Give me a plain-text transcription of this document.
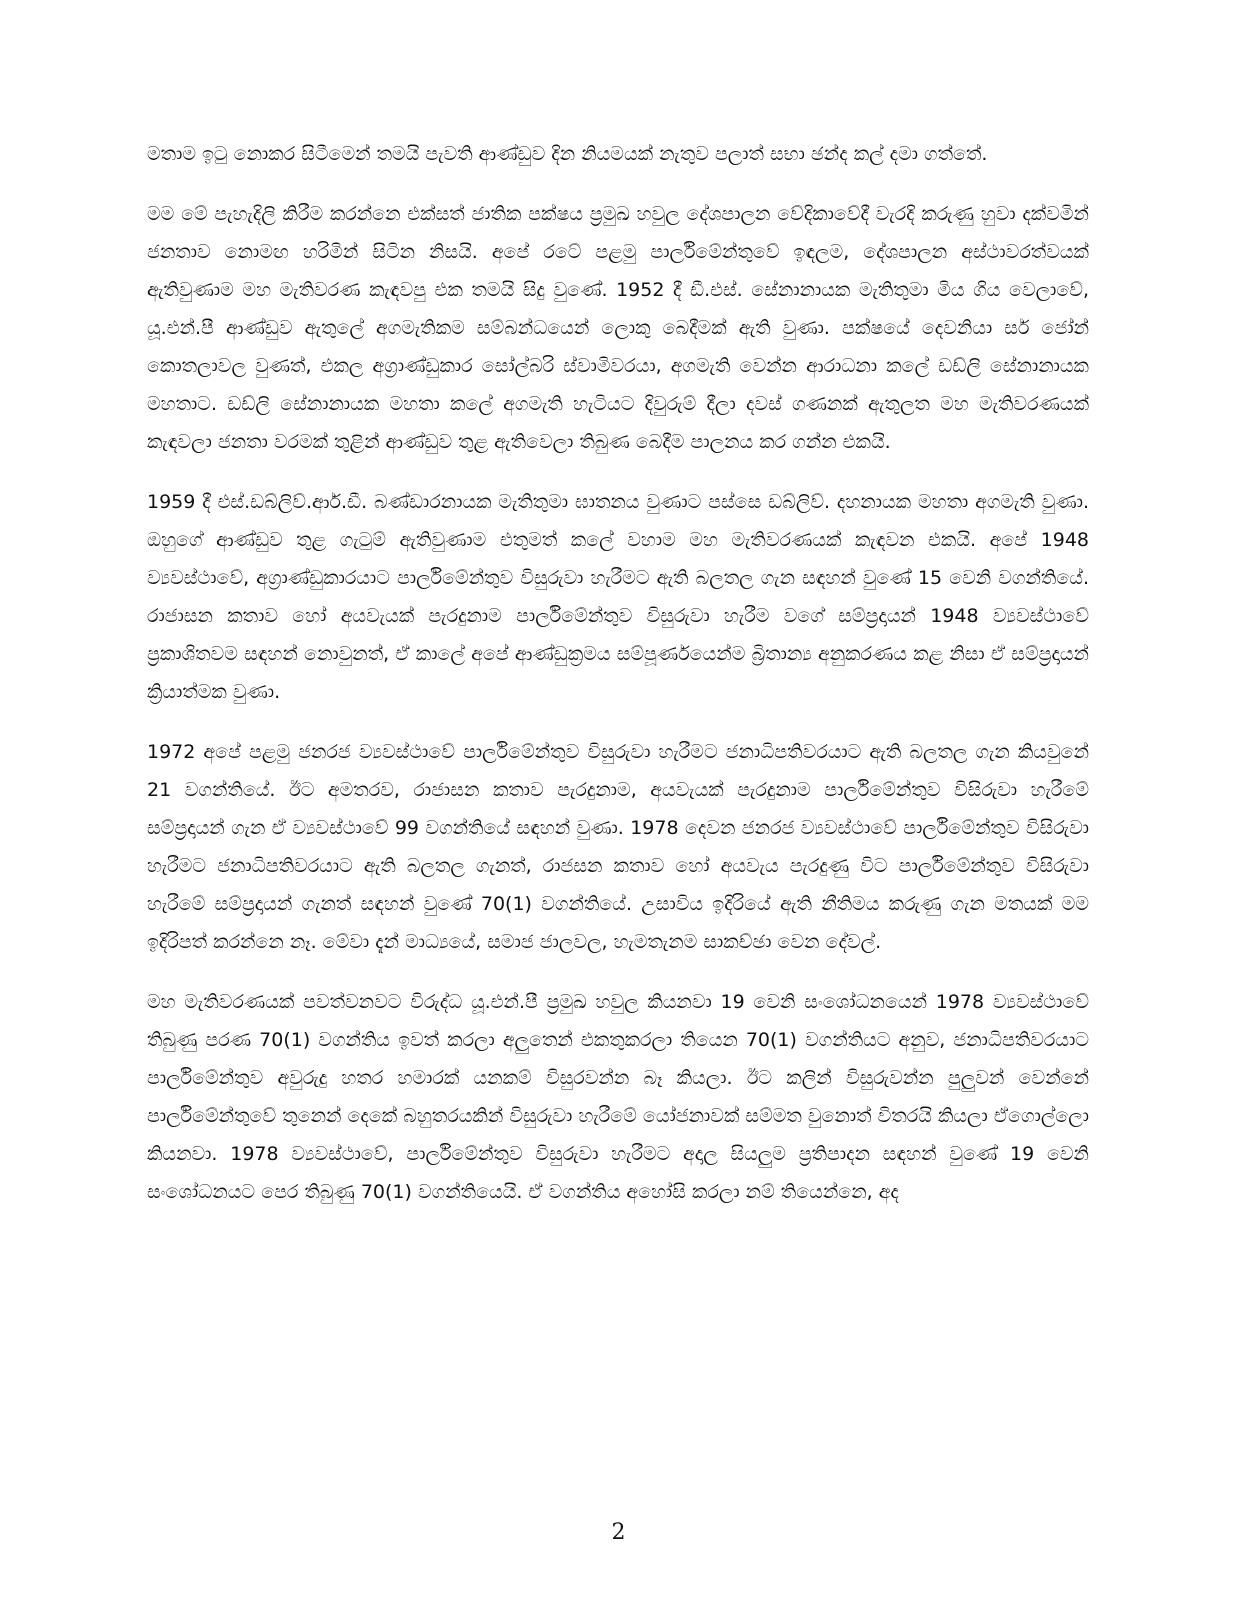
මතාම ඉටු නොකර සිටීමෙන් තමයි පැවති ආණ්ඩුව දින නියමයක් නැතුව පලාත් සභා ඡන්ද කල් දමා ගත්තේ.

මම මේ පැහැදිලි කිරීම කරන්නෙ එක්සත් ජාතික පක්ෂය ප්‍රමුඛ හවුල දේශපාලන වේදිකාවේදී වැරදි කරුණු හුවා දක්වමින් ජනතාව නොමඟ හරිමින් සිටින නිසයි. අපේ රටේ පළමු පාර්ලිමේන්තුවේ ඉඳලම, දේශපාලන අස්ථාවරත්වයක් ඇතිවුණාම මහ මැතිවරණ කැඳවපු එක තමයි සිදු වුණේ. 1952 දී ඩී.එස්. සේනානායක මැතිතුමා මිය ගිය වෙලාවේ, යූ.එන්.පී ආණ්ඩුව ඇතුලේ අගමැතිකම සම්බන්ධයෙන් ලොකු බෙදීමක් ඇති වුණා. පක්ෂයේ දෙවනියා සර් ජෝන් කොතලාවල වුණත්, එකල අග්‍රාණ්ඩුකාර සෝල්බරි ස්වාමිවරයා, අගමැති වෙන්න ආරාධනා කලේ ඩඩ්ලි සේනානායක මහතාට. ඩඩ්ලි සේනානායක මහතා කලේ අගමැති හැටියට දිවුරුම් දීලා දවස් ගණනක් ඇතුලත මහ මැතිවරණයක් කැඳවලා ජනතා වරමක් තුළින් ආණ්ඩුව තුළ ඇතිවෙලා තිබුණ බෙදීම පාලනය කර ගන්න එකයි.

1959 දී එස්.ඩබ්ලිව්.ආර්.ඩී. බණ්ඩාරනායක මැතිතුමා ඝාතනය වුණාට පස්සෙ ඩබ්ලිව්. දහනායක මහතා අගමැති වුණා. ඔහුගේ ආණ්ඩුව තුළ ගැටුම් ඇතිවුණාම එතුමත් කලේ වහාම මහ මැතිවරණයක් කැඳවන එකයි. අපේ 1948 ව්‍යවස්ථාවේ, අග්‍රාණ්ඩුකාරයාට පාර්ලිමේන්තුව විසුරුවා හැරීමට ඇති බලතල ගැන සඳහන් වුණේ 15 වෙනි වගන්තියේ. රාජාසන කතාව හෝ අයවැයක් පැරදුනාම පාර්ලිමේන්තුව විසුරුවා හැරීම වගේ සම්ප්‍රදායන් 1948 ව්‍යවස්ථාවේ ප්‍රකාශිතවම සඳහන් නොවුනත්, ඒ කාලේ අපේ ආණ්ඩුක්‍රමය සම්පූර්ණයෙන්ම බ්‍රිතාන්‍ය අනුකරණය කළ නිසා ඒ සම්ප්‍රදායන් ක්‍රියාත්මක වුණා.

1972 අපේ පළමු ජනරජ ව්‍යවස්ථාවේ පාර්ලිමේන්තුව විසුරුවා හැරීමට ජනාධිපතිවරයාට ඇති බලතල ගැන කියවුනේ 21 වගන්තියේ. ඊට අමතරව, රාජාසන කතාව පැරදුනාම, අයවැයක් පැරදුනාම පාර්ලිමේන්තුව විසිරුවා හැරීමේ සම්ප්‍රදායන් ගැන ඒ ව්‍යවස්ථාවේ 99 වගන්තියේ සඳහන් වුණා. 1978 දෙවන ජනරජ ව්‍යවස්ථාවේ පාර්ලිමේන්තුව විසිරුවා හැරීමට ජනාධිපතිවරයාට ඇති බලතල ගැනත්, රාජසන කතාව හෝ අයවැය පැරදුණු විට පාර්ලිමේන්තුව විසිරුවා හැරීමේ සම්ප්‍රදායන් ගැනත් සඳහන් වුණේ 70(1) වගන්තියේ. උසාවිය ඉදිරියේ ඇති නීතිමය කරුණු ගැන මතයක් මම ඉදිරිපත් කරන්නෙ නෑ. මේවා දැන් මාධ්‍යයේ, සමාජ ජාලවල, හැමතැනම සාකච්ඡා වෙන දේවල්.

මහ මැතිවරණයක් පවත්වනවට විරුද්ධ යූ.එන්.පී ප්‍රමුඛ හවුල කියනවා 19 වෙනි සංශෝධනයෙන් 1978 ව්‍යවස්ථාවේ තිබුණු පරණ 70(1) වගන්තිය ඉවත් කරලා අලුතෙන් එකතුකරලා තියෙන 70(1) වගන්තියට අනුව, ජනාධිපතිවරයාට පාර්ලිමේන්තුව අවුරුදු හතර හමාරක් යනකම් විසුරවන්න බෑ කියලා. ඊට කලින් විසුරුවන්න පුලුවන් වෙන්නේ පාර්ලිමේන්තුවේ තුනෙන් දෙකේ බහුතරයකින් විසුරුවා හැරීමේ යෝජනාවක් සම්මත වුනොත් විතරයි කියලා ඒගොල්ලො කියනවා. 1978 ව්‍යවස්ථාවේ, පාර්ලිමේන්තුව විසුරුවා හැරීමට අදාල සියලුම ප්‍රතිපාදන සඳහන් වුණේ 19 වෙනි සංශෝධනයට පෙර තිබුණු 70(1) වගන්තියෙයි. ඒ වගන්තිය අහෝසි කරලා නම් තියෙන්නෙ, අද

2
